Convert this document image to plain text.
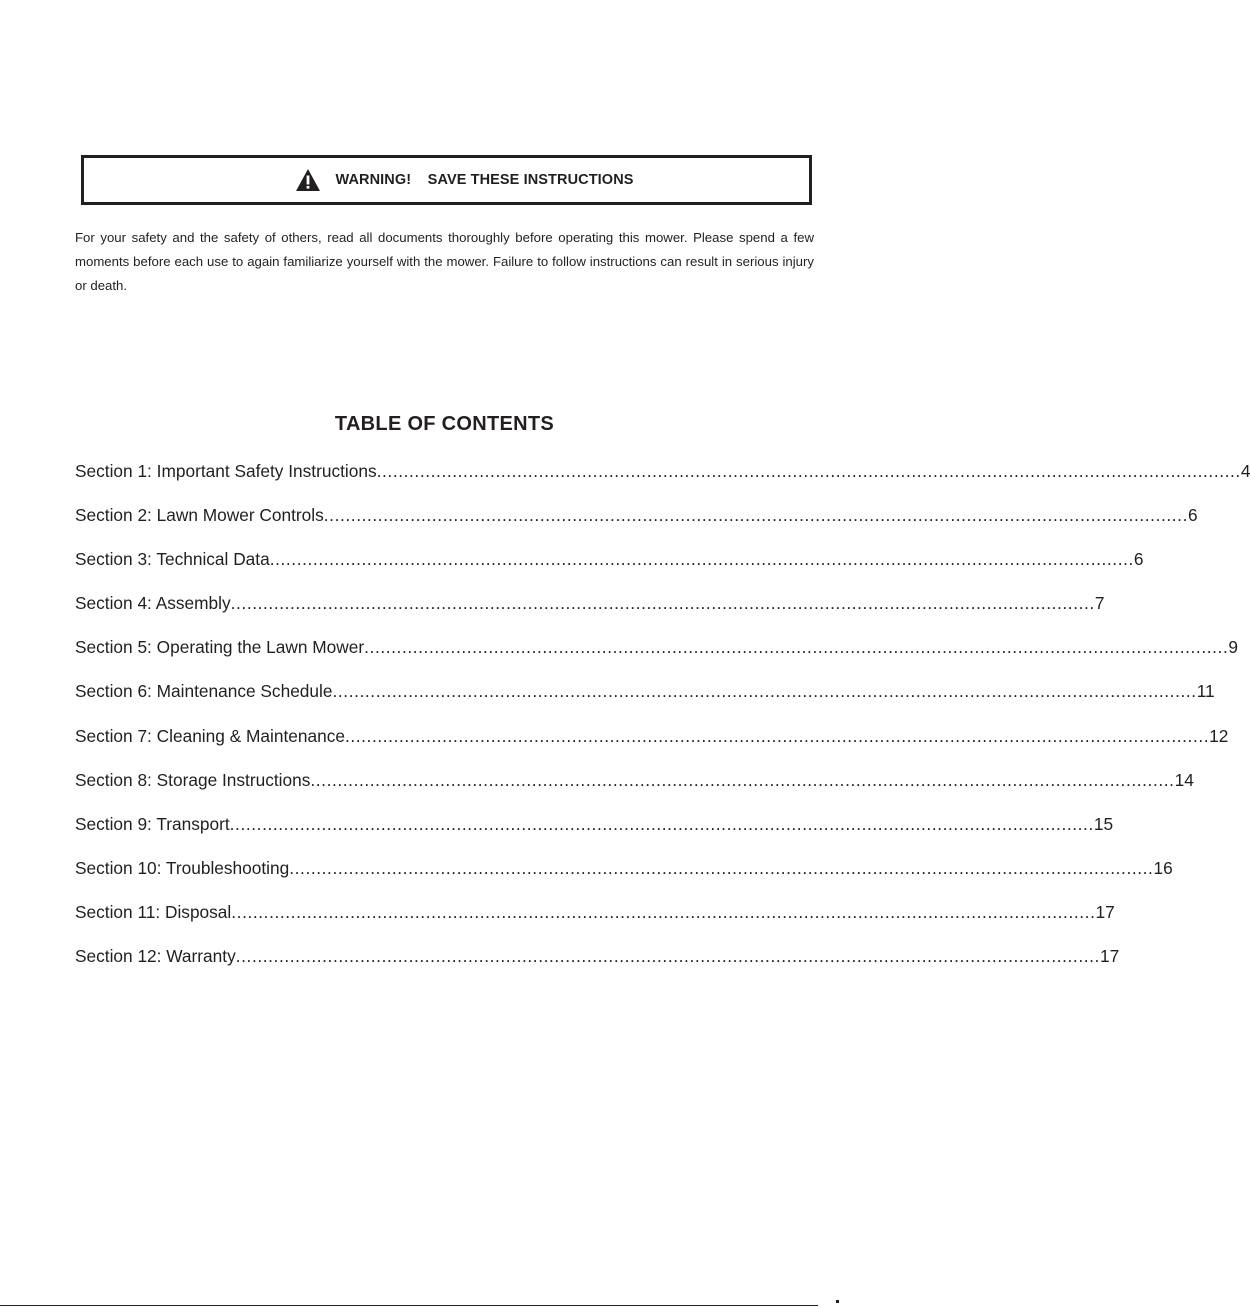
WARNING!    SAVE THESE INSTRUCTIONS

For your safety and the safety of others, read all documents thoroughly before operating this mower. Please spend a few moments before each use to again familiarize yourself with the mower. Failure to follow instructions can result in serious injury or death.

TABLE OF CONTENTS
Section 1: Important Safety Instructions ................................................................................................................................................................ 4
Section 2: Lawn Mower Controls ................................................................................................................................................................ 6
Section 3: Technical Data ................................................................................................................................................................ 6
Section 4: Assembly ................................................................................................................................................................ 7
Section 5: Operating the Lawn Mower ................................................................................................................................................................ 9
Section 6: Maintenance Schedule ................................................................................................................................................................ 11
Section 7: Cleaning & Maintenance ................................................................................................................................................................ 12
Section 8: Storage Instructions ................................................................................................................................................................ 14
Section 9: Transport ................................................................................................................................................................ 15
Section 10: Troubleshooting ................................................................................................................................................................ 16
Section 11: Disposal ................................................................................................................................................................ 17
Section 12: Warranty ................................................................................................................................................................ 17
